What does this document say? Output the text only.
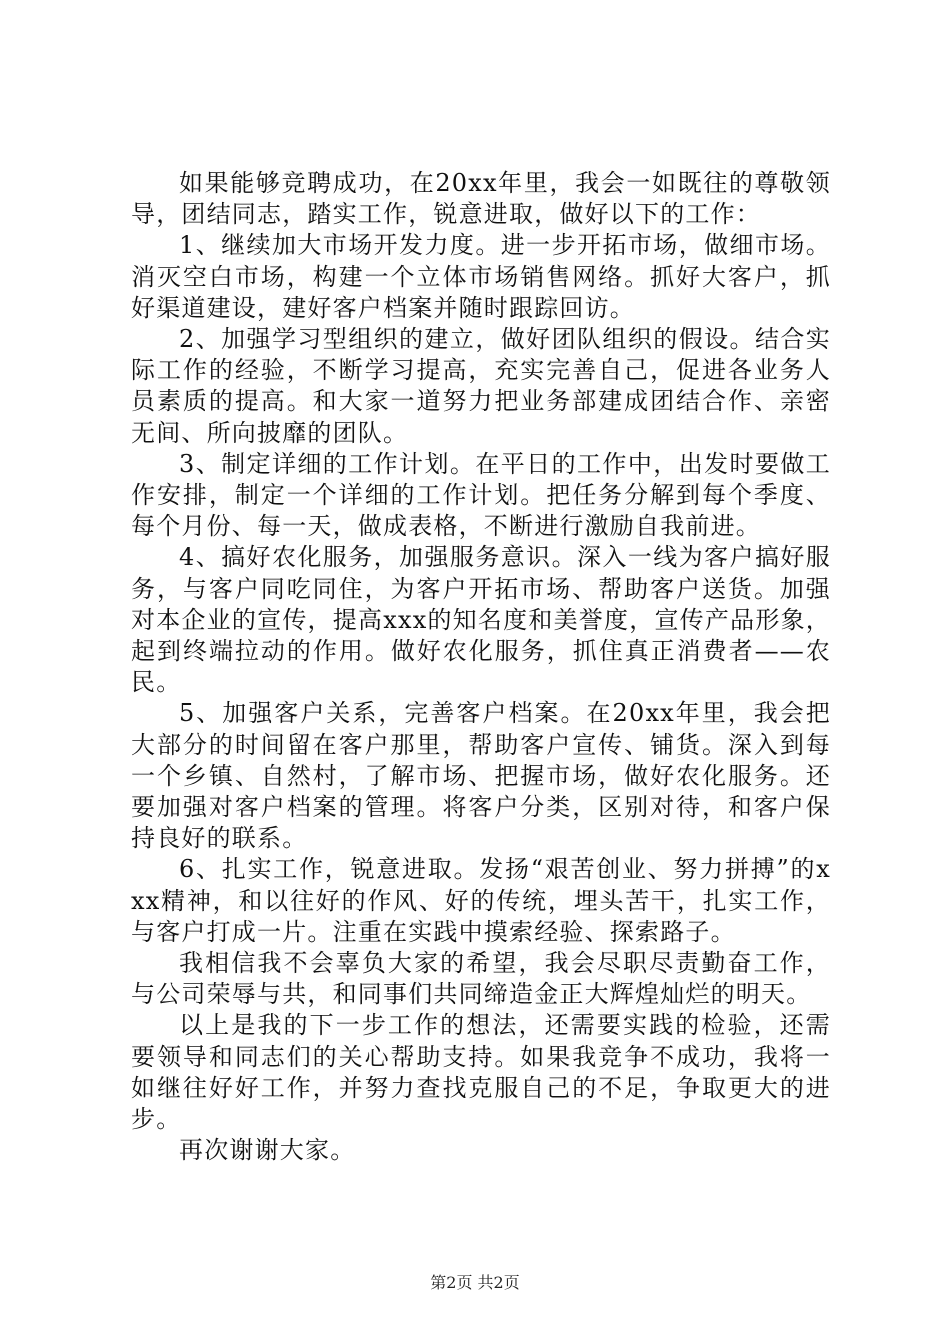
如果能够竞聘成功，在20xx年里，我会一如既往的尊敬领导，团结同志，踏实工作，锐意进取，做好以下的工作：

1、继续加大市场开发力度。进一步开拓市场，做细市场。消灭空白市场，构建一个立体市场销售网络。抓好大客户，抓好渠道建设，建好客户档案并随时跟踪回访。

2、加强学习型组织的建立，做好团队组织的假设。结合实际工作的经验，不断学习提高，充实完善自己，促进各业务人员素质的提高。和大家一道努力把业务部建成团结合作、亲密无间、所向披靡的团队。

3、制定详细的工作计划。在平日的工作中，出发时要做工作安排，制定一个详细的工作计划。把任务分解到每个季度、每个月份、每一天，做成表格，不断进行激励自我前进。

4、搞好农化服务，加强服务意识。深入一线为客户搞好服务，与客户同吃同住，为客户开拓市场、帮助客户送货。加强对本企业的宣传，提高xxx的知名度和美誉度，宣传产品形象，起到终端拉动的作用。做好农化服务，抓住真正消费者——农民。

5、加强客户关系，完善客户档案。在20xx年里，我会把大部分的时间留在客户那里，帮助客户宣传、铺货。深入到每一个乡镇、自然村，了解市场、把握市场，做好农化服务。还要加强对客户档案的管理。将客户分类，区别对待，和客户保持良好的联系。

6、扎实工作，锐意进取。发扬“艰苦创业、努力拼搏”的xxx精神，和以往好的作风、好的传统，埋头苦干，扎实工作，与客户打成一片。注重在实践中摸索经验、探索路子。

我相信我不会辜负大家的希望，我会尽职尽责勤奋工作，与公司荣辱与共，和同事们共同缔造金正大辉煌灿烂的明天。

以上是我的下一步工作的想法，还需要实践的检验，还需要领导和同志们的关心帮助支持。如果我竞争不成功，我将一如继往好好工作，并努力查找克服自己的不足，争取更大的进步。

再次谢谢大家。

第2页 共2页
